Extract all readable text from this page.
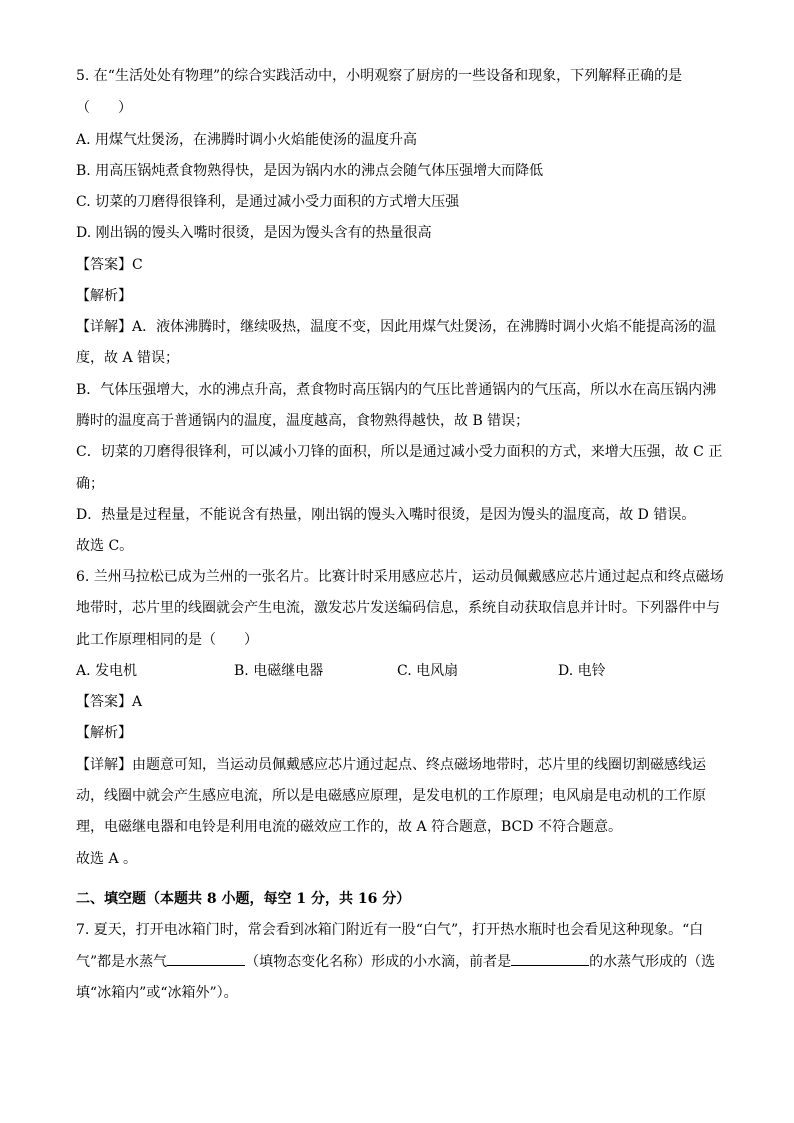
5. 在“生活处处有物理”的综合实践活动中，小明观察了厨房的一些设备和现象，下列解释正确的是
（　　）
A. 用煤气灶煲汤，在沸腾时调小火焰能使汤的温度升高
B. 用高压锅炖煮食物熟得快，是因为锅内水的沸点会随气体压强增大而降低
C. 切菜的刀磨得很锋利，是通过减小受力面积的方式增大压强
D. 刚出锅的馒头入嘴时很烫，是因为馒头含有的热量很高
【答案】C
【解析】
【详解】A．液体沸腾时，继续吸热，温度不变，因此用煤气灶煲汤，在沸腾时调小火焰不能提高汤的温
度，故 A 错误；
B．气体压强增大，水的沸点升高，煮食物时高压锅内的气压比普通锅内的气压高，所以水在高压锅内沸
腾时的温度高于普通锅内的温度，温度越高，食物熟得越快，故 B 错误；
C．切菜的刀磨得很锋利，可以减小刀锋的面积，所以是通过减小受力面积的方式，来增大压强，故 C 正
确；
D．热量是过程量，不能说含有热量，刚出锅的馒头入嘴时很烫，是因为馒头的温度高，故 D 错误。
故选 C。
6. 兰州马拉松已成为兰州的一张名片。比赛计时采用感应芯片，运动员佩戴感应芯片通过起点和终点磁场
地带时，芯片里的线圈就会产生电流，激发芯片发送编码信息，系统自动获取信息并计时。下列器件中与
此工作原理相同的是（　　）
A. 发电机	B. 电磁继电器	C. 电风扇	D. 电铃
【答案】A
【解析】
【详解】由题意可知，当运动员佩戴感应芯片通过起点、终点磁场地带时，芯片里的线圈切割磁感线运
动，线圈中就会产生感应电流，所以是电磁感应原理，是发电机的工作原理；电风扇是电动机的工作原
理，电磁继电器和电铃是利用电流的磁效应工作的，故 A 符合题意，BCD 不符合题意。
故选 A 。
二、填空题（本题共 8 小题，每空 1 分，共 16 分）
7. 夏天，打开电冰箱门时，常会看到冰箱门附近有一股“白气”，打开热水瓶时也会看见这种现象。“白
气”都是水蒸气	（填物态变化名称）形成的小水滴，前者是	的水蒸气形成的（选
填“冰箱内”或“冰箱外”）。
